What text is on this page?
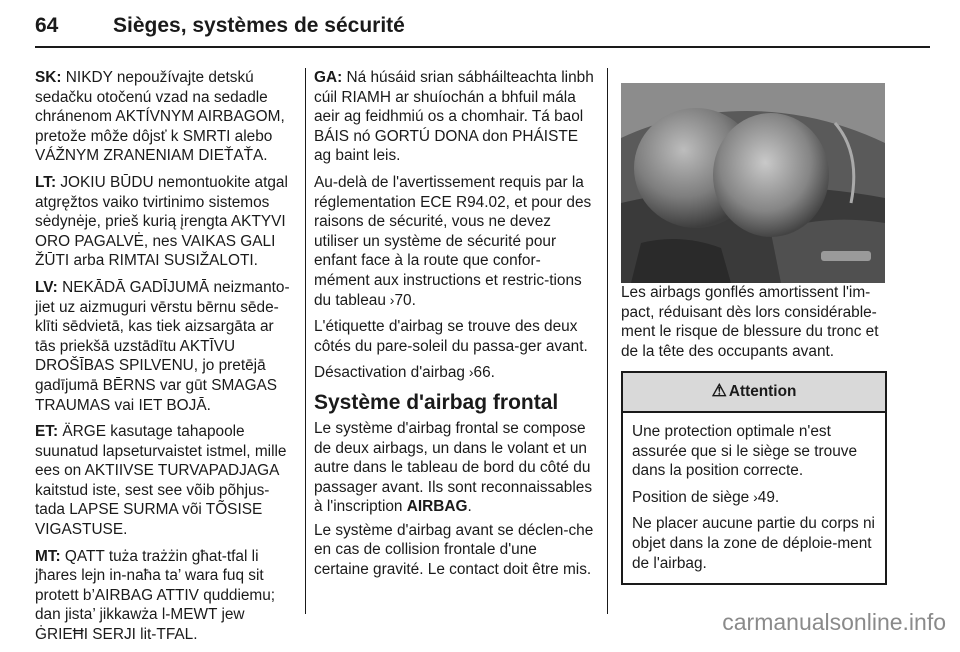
64	Sièges, systèmes de sécurité

SK: NIKDY nepoužívajte detskú sedačku otočenú vzad na sedadle chránenom AKTÍVNYM AIRBAGOM, pretože môže dôjsť k SMRTI alebo VÁŽNYM ZRANENIAM DIEŤAŤA.

LT: JOKIU BŪDU nemontuokite atgal atgręžtos vaiko tvirtinimo sistemos sėdynėje, prieš kurią įrengta AKTYVI ORO PAGALVĖ, nes VAIKAS GALI ŽŪTI arba RIMTAI SUSIŽALOTI.

LV: NEKĀDĀ GADĪJUMĀ neizmanto-jiet uz aizmuguri vērstu bērnu sēde-klīti sēdvietā, kas tiek aizsargāta ar tās priekšā uzstādītu AKTĪVU DROŠĪBAS SPILVENU, jo pretējā gadījumā BĒRNS var gūt SMAGAS TRAUMAS vai IET BOJĀ.

ET: ÄRGE kasutage tahapoole suunatud lapseturvaistet istmel, mille ees on AKTIIVSE TURVAPADJAGA kaitstud iste, sest see võib põhjus-tada LAPSE SURMA või TÕSISE VIGASTUSE.

MT: QATT tuża trażżin għat-tfal li jħares lejn in-naħa ta’ wara fuq sit protett b’AIRBAG ATTIV quddiemu; dan jista’ jikkawża l-MEWT jew ĠRIEĦI SERJI lit-TFAL.

GA: Ná húsáid srian sábháilteachta linbh cúil RIAMH ar shuíochán a bhfuil mála aeir ag feidhmiú os a chomhair. Tá baol BÁIS nó GORTÚ DONA don PHÁISTE ag baint leis.

Au-delà de l'avertissement requis par la réglementation ECE R94.02, et pour des raisons de sécurité, vous ne devez utiliser un système de sécurité pour enfant face à la route que confor-mément aux instructions et restric-tions du tableau › 70.

L'étiquette d'airbag se trouve des deux côtés du pare-soleil du passa-ger avant.

Désactivation d'airbag › 66.

Système d'airbag frontal

Le système d'airbag frontal se compose de deux airbags, un dans le volant et un autre dans le tableau de bord du côté du passager avant. Ils sont reconnaissables à l'inscription AIRBAG.

Le système d'airbag avant se déclen-che en cas de collision frontale d'une certaine gravité. Le contact doit être mis.

Les airbags gonflés amortissent l'im-pact, réduisant dès lors considérable-ment le risque de blessure du tronc et de la tête des occupants avant.

⚠ Attention

Une protection optimale n'est assurée que si le siège se trouve dans la position correcte.

Position de siège › 49.

Ne placer aucune partie du corps ni objet dans la zone de déploie-ment de l'airbag.

carmanualsonline.info
